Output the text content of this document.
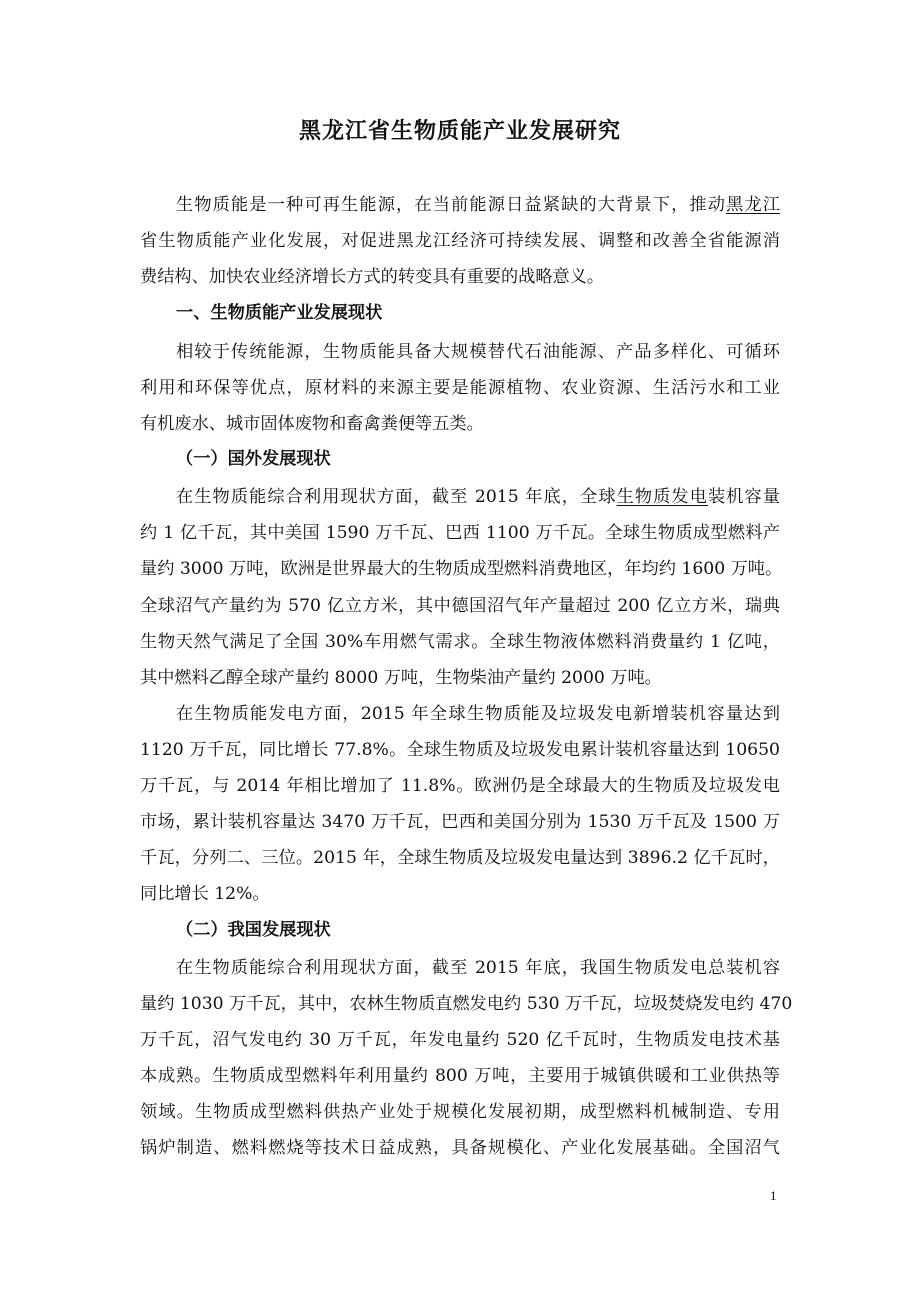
黑龙江省生物质能产业发展研究
生物质能是一种可再生能源，在当前能源日益紧缺的大背景下，推动黑龙江
省生物质能产业化发展，对促进黑龙江经济可持续发展、调整和改善全省能源消
费结构、加快农业经济增长方式的转变具有重要的战略意义。
一、生物质能产业发展现状
相较于传统能源，生物质能具备大规模替代石油能源、产品多样化、可循环
利用和环保等优点，原材料的来源主要是能源植物、农业资源、生活污水和工业
有机废水、城市固体废物和畜禽粪便等五类。
（一）国外发展现状
在生物质能综合利用现状方面，截至 2015 年底，全球生物质发电装机容量
约 1 亿千瓦，其中美国 1590 万千瓦、巴西 1100 万千瓦。全球生物质成型燃料产
量约 3000 万吨，欧洲是世界最大的生物质成型燃料消费地区，年均约 1600 万吨。
全球沼气产量约为 570 亿立方米，其中德国沼气年产量超过 200 亿立方米，瑞典
生物天然气满足了全国 30%车用燃气需求。全球生物液体燃料消费量约 1 亿吨，
其中燃料乙醇全球产量约 8000 万吨，生物柴油产量约 2000 万吨。
在生物质能发电方面，2015 年全球生物质能及垃圾发电新增装机容量达到
1120 万千瓦，同比增长 77.8%。全球生物质及垃圾发电累计装机容量达到 10650
万千瓦，与 2014 年相比增加了 11.8%。欧洲仍是全球最大的生物质及垃圾发电
市场，累计装机容量达 3470 万千瓦，巴西和美国分别为 1530 万千瓦及 1500 万
千瓦，分列二、三位。2015 年，全球生物质及垃圾发电量达到 3896.2 亿千瓦时，
同比增长 12%。
（二）我国发展现状
在生物质能综合利用现状方面，截至 2015 年底，我国生物质发电总装机容
量约 1030 万千瓦，其中，农林生物质直燃发电约 530 万千瓦，垃圾焚烧发电约 470
万千瓦，沼气发电约 30 万千瓦，年发电量约 520 亿千瓦时，生物质发电技术基
本成熟。生物质成型燃料年利用量约 800 万吨，主要用于城镇供暖和工业供热等
领域。生物质成型燃料供热产业处于规模化发展初期，成型燃料机械制造、专用
锅炉制造、燃料燃烧等技术日益成熟，具备规模化、产业化发展基础。全国沼气
1
